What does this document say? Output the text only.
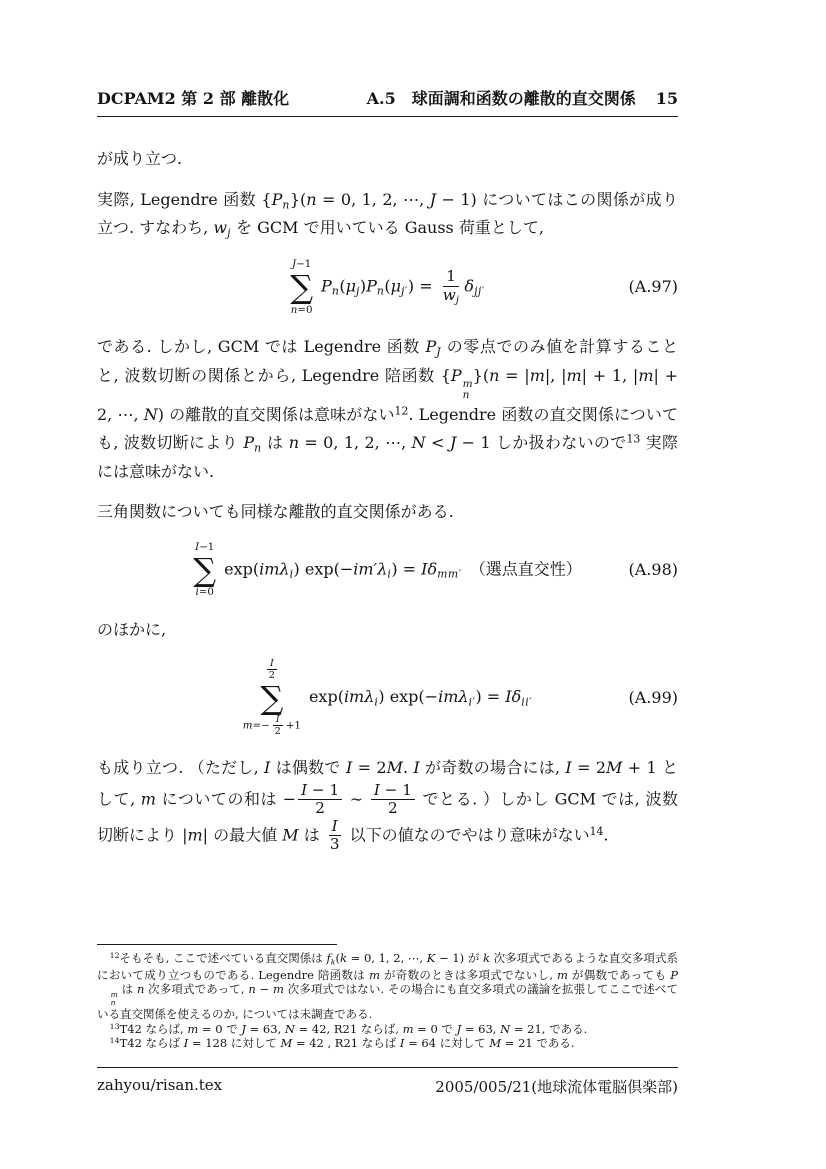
DCPAM2 第 2 部 離散化	A.5　球面調和函数の離散的直交関係 15

が成り立つ.

実際, Legendre 函数 $\{P_n\}(n = 0$, 1, 2, ⋯, J − 1) についてはこの関係が成り立つ. すなわち, $w_j$ を GCM で用いている Gauss 荷重として,

J−1
∑
n=0
$P_n(\mu_j)P_n(\mu_{j'}) = \frac{1}{w_j} \delta_{jj'}$	(A.97)

である. しかし, GCM では Legendre 函数 $P_J$ の零点でのみ値を計算することと, 波数切断の関係とから, Legendre 陪函数 {P m
n
}(n = |m|, |m| + 1, |m| + 2, ⋯, N) の離散的直交関係は意味がない$^{12}$. Legendre 函数の直交関係についても, 波数切断により $P_n$ は n = 0, 1, 2, ⋯, N < J − 1 しか扱わないので$^{13}$ 実際には意味がない.

三角関数についても同様な離散的直交関係がある.

I−1
∑
i=0
exp(imλ$_i$) $\exp(-im'\lambda_i) = I\delta_{mm'}$　（選点直交性）	(A.98)

のほかに,

$\frac{I}{2}$
∑
$m=- \frac{I}{2} +1$
exp(imλ$_i$) $\exp(-im\lambda_{i'}) = I\delta_{ii'}$	(A.99)

も成り立つ. （ただし, I は偶数で I = 2M. I が奇数の場合には, I = 2M + 1 として, m についての和は − $\frac{I - 1}{2}$ ∼ $\frac{I - 1}{2}$ でとる. ）しかし GCM では, 波数切断により |m| の最大値 M は $\frac{I}{3}$ 以下の値なのでやはり意味がない$^{14}$.

$^{12}$そもそも, ここで述べている直交関係は $f_k(k = 0$, 1, 2, ⋯, K − 1) が k 次多項式であるような直交多項式系において成り立つものである. Legendre 陪函数は m が奇数のときは多項式でないし, m が偶数であっても P
m
n
は n 次多項式であって, n − m 次多項式ではない. その場合にも直交多項式の議論を拡張してここで述べている直交関係を使えるのか, については未調査である.

$^{13}$T42 ならば, m = 0 で J = 63, N = 42, R21 ならば, m = 0 で J = 63, N = 21, である.

$^{14}$T42 ならば I = 128 に対して M = 42 , R21 ならば I = 64 に対して M = 21 である.

zahyou/risan.tex	2005/005/21(地球流体電脳倶楽部)
